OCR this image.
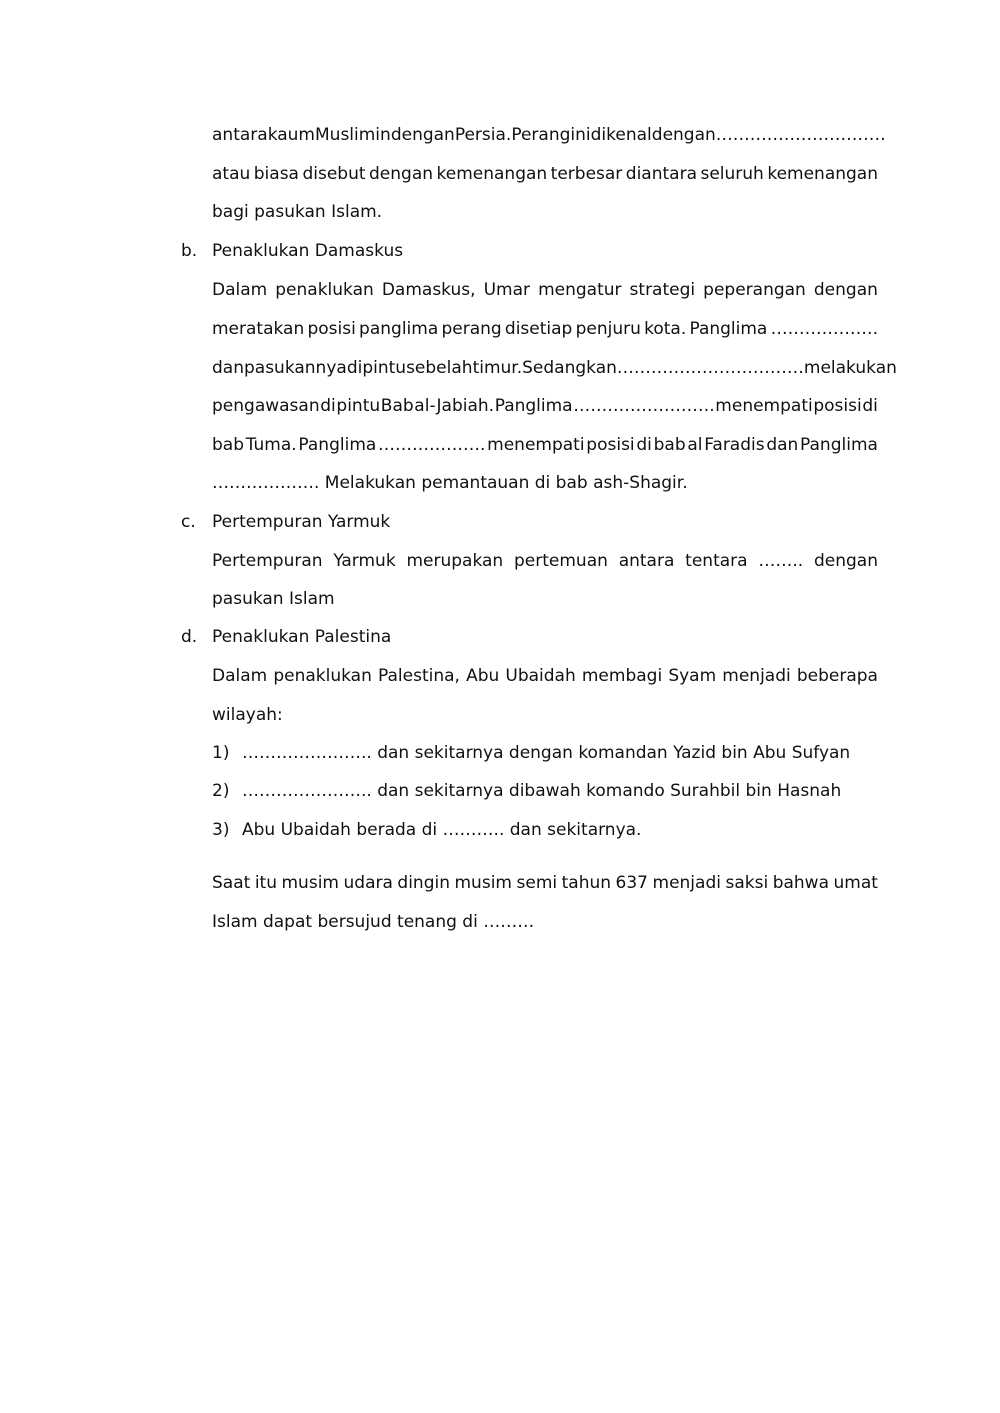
antara kaum Muslimin dengan Persia. Perang ini dikenal dengan …………………………
atau biasa disebut dengan kemenangan terbesar diantara seluruh kemenangan
bagi pasukan Islam.
b. Penaklukan Damaskus
Dalam penaklukan Damaskus, Umar mengatur strategi peperangan dengan
meratakan posisi panglima perang disetiap penjuru kota. Panglima ……………….
dan pasukannya di pintu sebelah timur. Sedangkan …………………………… melakukan
pengawasan di pintu Bab al-Jabiah. Panglima ……………………. menempati posisi di
bab Tuma. Panglima ………………. menempati posisi di bab al Faradis dan Panglima
………………. Melakukan pemantauan di bab ash-Shagir.
c. Pertempuran Yarmuk
Pertempuran Yarmuk merupakan pertemuan antara tentara …….. dengan
pasukan Islam
d. Penaklukan Palestina
Dalam penaklukan Palestina, Abu Ubaidah membagi Syam menjadi beberapa
wilayah:
1) ………………….. dan sekitarnya dengan komandan Yazid bin Abu Sufyan
2) ………………….. dan sekitarnya dibawah komando Surahbil bin Hasnah
3) Abu Ubaidah berada di ……….. dan sekitarnya.
Saat itu musim udara dingin musim semi tahun 637 menjadi saksi bahwa umat
Islam dapat bersujud tenang di ………
